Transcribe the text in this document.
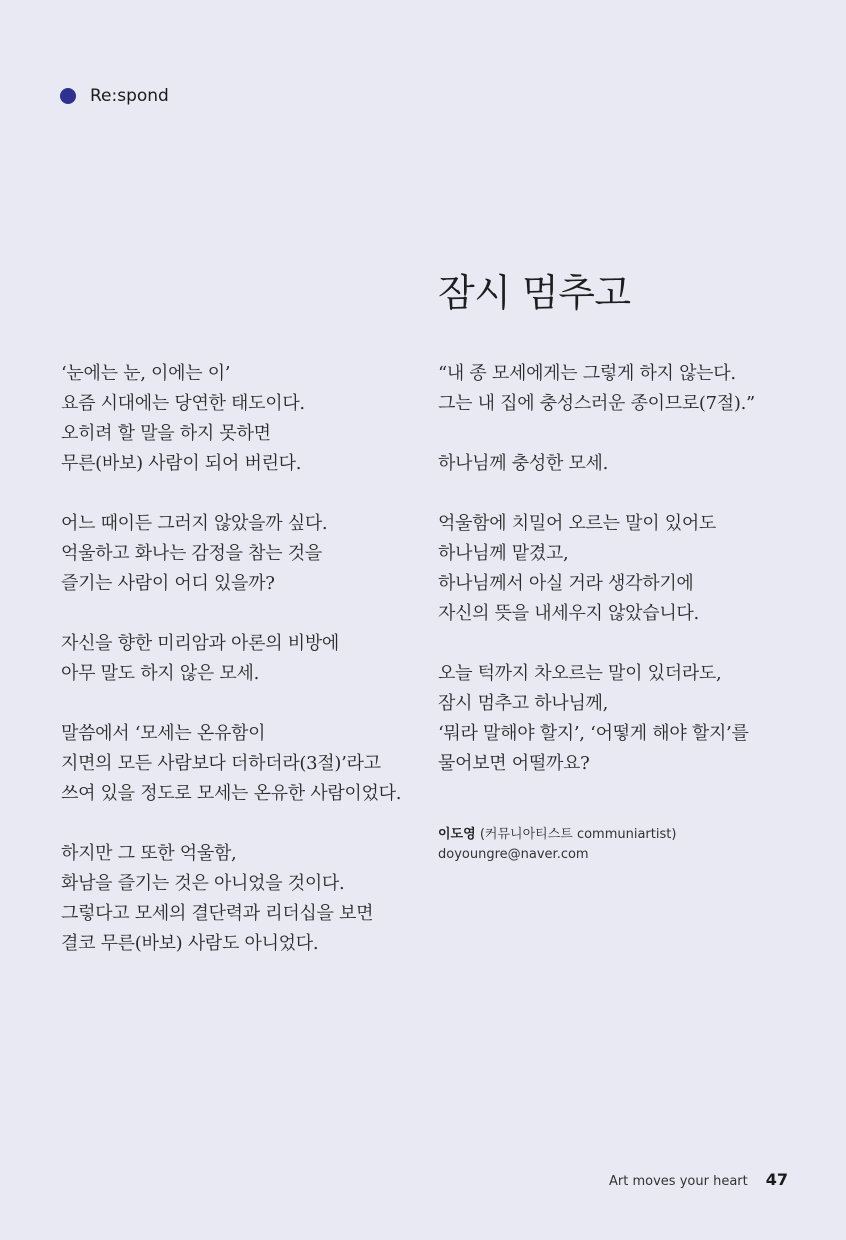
Re:spond
잠시 멈추고

‘눈에는 눈, 이에는 이’
요즘 시대에는 당연한 태도이다.
오히려 할 말을 하지 못하면
무른(바보) 사람이 되어 버린다.

어느 때이든 그러지 않았을까 싶다.
억울하고 화나는 감정을 참는 것을
즐기는 사람이 어디 있을까?

자신을 향한 미리암과 아론의 비방에
아무 말도 하지 않은 모세.

말씀에서 ‘모세는 온유함이
지면의 모든 사람보다 더하더라(3절)’라고
쓰여 있을 정도로 모세는 온유한 사람이었다.

하지만 그 또한 억울함,
화남을 즐기는 것은 아니었을 것이다.
그렇다고 모세의 결단력과 리더십을 보면
결코 무른(바보) 사람도 아니었다.

“내 종 모세에게는 그렇게 하지 않는다.
그는 내 집에 충성스러운 종이므로(7절).”

하나님께 충성한 모세.

억울함에 치밀어 오르는 말이 있어도
하나님께 맡겼고,
하나님께서 아실 거라 생각하기에
자신의 뜻을 내세우지 않았습니다.

오늘 턱까지 차오르는 말이 있더라도,
잠시 멈추고 하나님께,
‘뭐라 말해야 할지’, ‘어떻게 해야 할지’를
물어보면 어떨까요?

이도영 (커뮤니아티스트 communiartist)
doyoungre@naver.com
Art moves your heart 47
